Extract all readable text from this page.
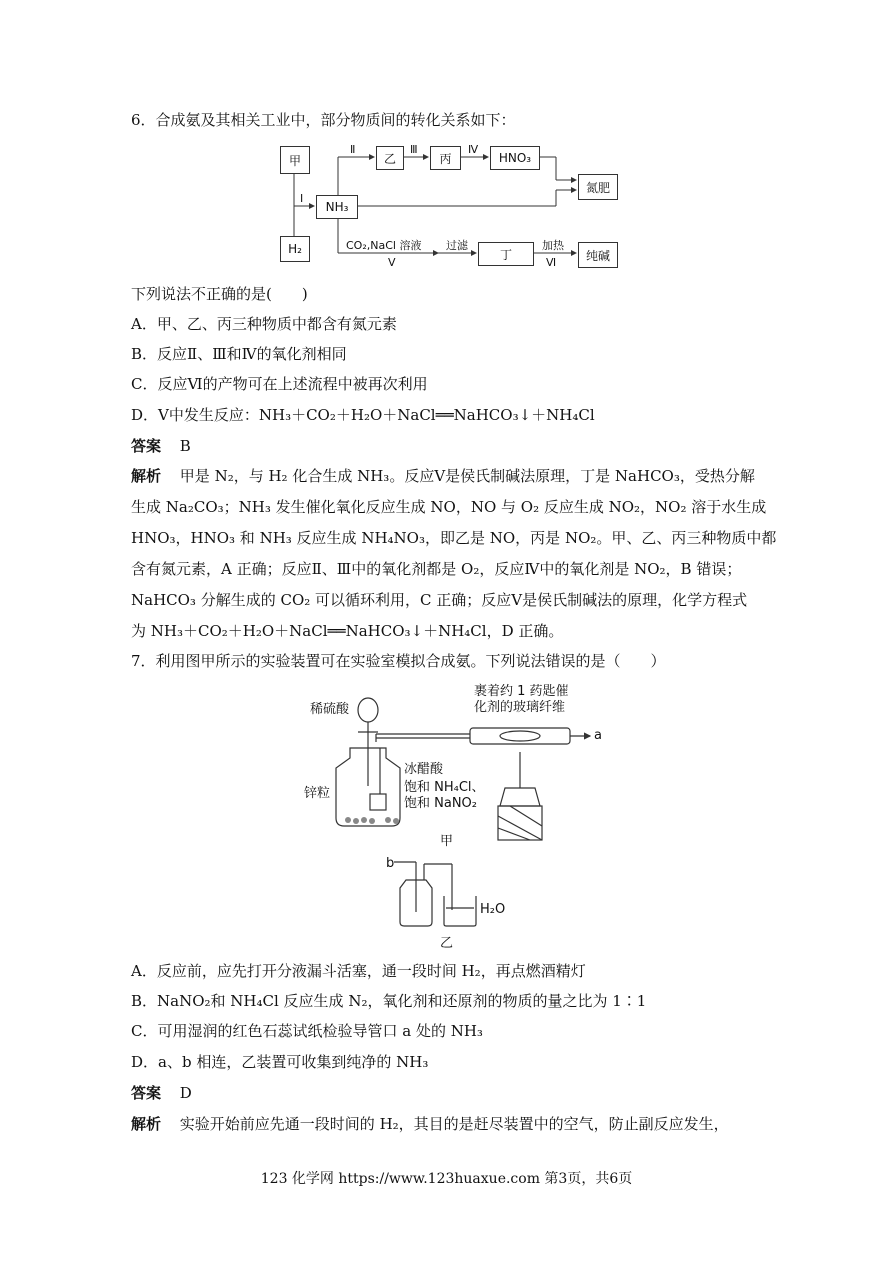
6．合成氨及其相关工业中，部分物质间的转化关系如下：
甲
H₂
NH₃
乙	丙	HNO₃
氮肥
丁	纯碱
Ⅰ
Ⅱ	Ⅲ	Ⅳ
CO₂,NaCl 溶液
Ⅴ
过滤	加热
Ⅵ
下列说法不正确的是(　　)
A．甲、乙、丙三种物质中都含有氮元素
B．反应Ⅱ、Ⅲ和Ⅳ的氧化剂相同
C．反应Ⅵ的产物可在上述流程中被再次利用
D．Ⅴ中发生反应：NH₃＋CO₂＋H₂O＋NaCl══NaHCO₃↓＋NH₄Cl
答案 B
解析 甲是 N₂，与 H₂ 化合生成 NH₃。反应Ⅴ是侯氏制碱法原理，丁是 NaHCO₃，受热分解
生成 Na₂CO₃；NH₃ 发生催化氧化反应生成 NO，NO 与 O₂ 反应生成 NO₂，NO₂ 溶于水生成
HNO₃，HNO₃ 和 NH₃ 反应生成 NH₄NO₃，即乙是 NO，丙是 NO₂。甲、乙、丙三种物质中都
含有氮元素，A 正确；反应Ⅱ、Ⅲ中的氧化剂都是 O₂，反应Ⅳ中的氧化剂是 NO₂，B 错误；
NaHCO₃ 分解生成的 CO₂ 可以循环利用，C 正确；反应Ⅴ是侯氏制碱法的原理，化学方程式
为 NH₃＋CO₂＋H₂O＋NaCl══NaHCO₃↓＋NH₄Cl，D 正确。
7．利用图甲所示的实验装置可在实验室模拟合成氨。下列说法错误的是（　　）
稀硫酸
裹着约 1 药匙催
化剂的玻璃纤维
a
冰醋酸
锌粒	饱和 NH₄Cl、
饱和 NaNO₂
甲
b
H₂O
乙
A．反应前，应先打开分液漏斗活塞，通一段时间 H₂，再点燃酒精灯
B．NaNO₂和 NH₄Cl 反应生成 N₂，氧化剂和还原剂的物质的量之比为 1∶1
C．可用湿润的红色石蕊试纸检验导管口 a 处的 NH₃
D．a、b 相连，乙装置可收集到纯净的 NH₃
答案 D
解析 实验开始前应先通一段时间的 H₂，其目的是赶尽装置中的空气，防止副反应发生，
123 化学网 https://www.123huaxue.com 第3页，共6页
